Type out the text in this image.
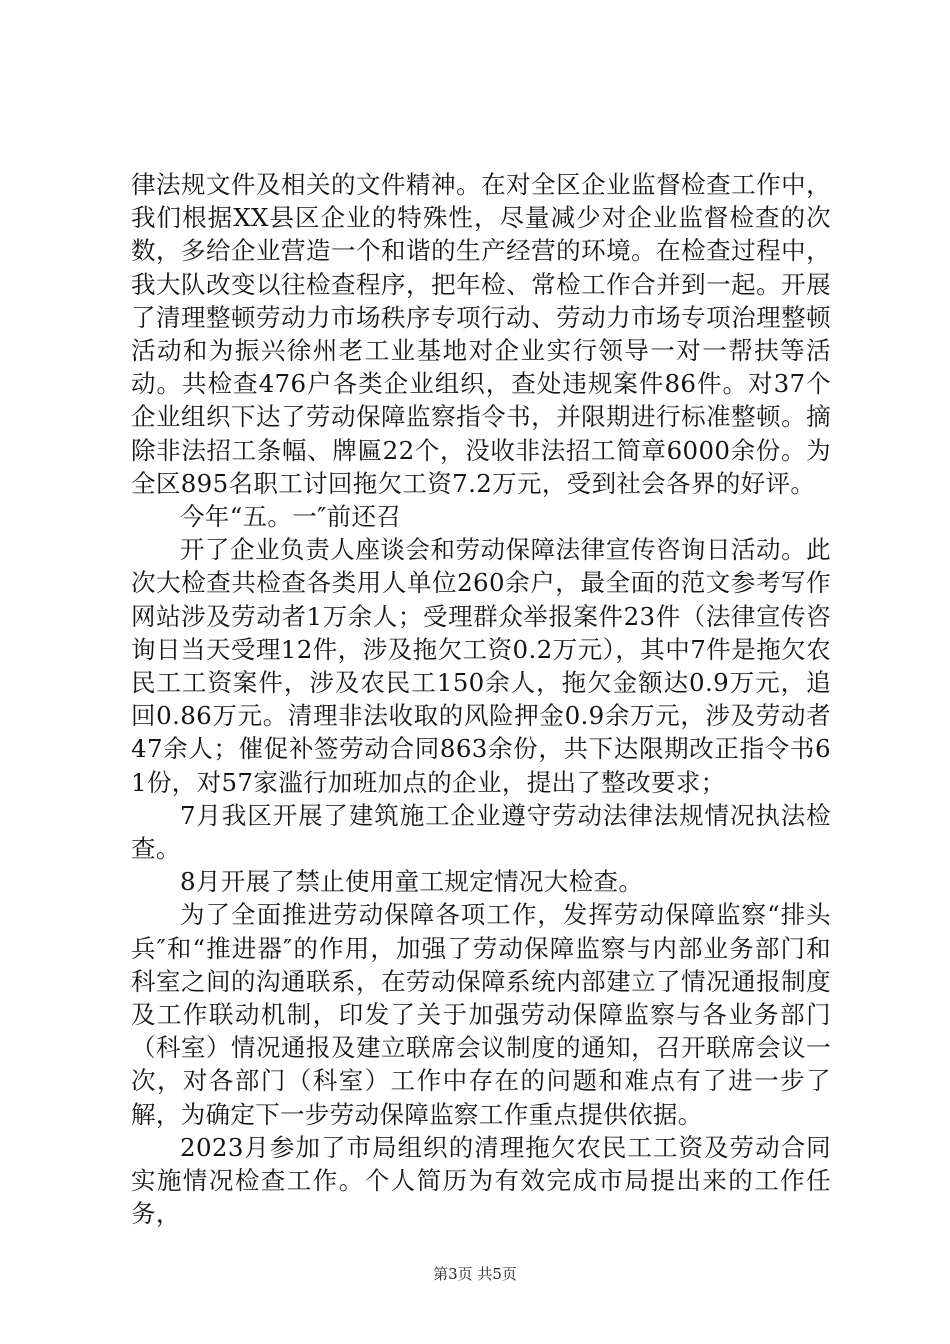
律法规文件及相关的文件精神。在对全区企业监督检查工作中，我们根据XX县区企业的特殊性，尽量减少对企业监督检查的次数，多给企业营造一个和谐的生产经营的环境。在检查过程中，我大队改变以往检查程序，把年检、常检工作合并到一起。开展了清理整顿劳动力市场秩序专项行动、劳动力市场专项治理整顿活动和为振兴徐州老工业基地对企业实行领导一对一帮扶等活动。共检查476户各类企业组织，查处违规案件86件。对37个企业组织下达了劳动保障监察指令书，并限期进行标准整顿。摘除非法招工条幅、牌匾22个，没收非法招工简章6000余份。为全区895名职工讨回拖欠工资7.2万元，受到社会各界的好评。

今年“五。一″前还召

开了企业负责人座谈会和劳动保障法律宣传咨询日活动。此次大检查共检查各类用人单位260余户，最全面的范文参考写作网站涉及劳动者1万余人；受理群众举报案件23件（法律宣传咨询日当天受理12件，涉及拖欠工资0.2万元），其中7件是拖欠农民工工资案件，涉及农民工150余人，拖欠金额达0.9万元，追回0.86万元。清理非法收取的风险押金0.9余万元，涉及劳动者47余人；催促补签劳动合同863余份，共下达限期改正指令书61份，对57家滥行加班加点的企业，提出了整改要求；

7月我区开展了建筑施工企业遵守劳动法律法规情况执法检查。

8月开展了禁止使用童工规定情况大检查。

为了全面推进劳动保障各项工作，发挥劳动保障监察“排头兵″和“推进器″的作用，加强了劳动保障监察与内部业务部门和科室之间的沟通联系，在劳动保障系统内部建立了情况通报制度及工作联动机制，印发了关于加强劳动保障监察与各业务部门（科室）情况通报及建立联席会议制度的通知，召开联席会议一次，对各部门（科室）工作中存在的问题和难点有了进一步了解，为确定下一步劳动保障监察工作重点提供依据。

2023月参加了市局组织的清理拖欠农民工工资及劳动合同实施情况检查工作。个人简历为有效完成市局提出来的工作任务，

第3页 共5页
